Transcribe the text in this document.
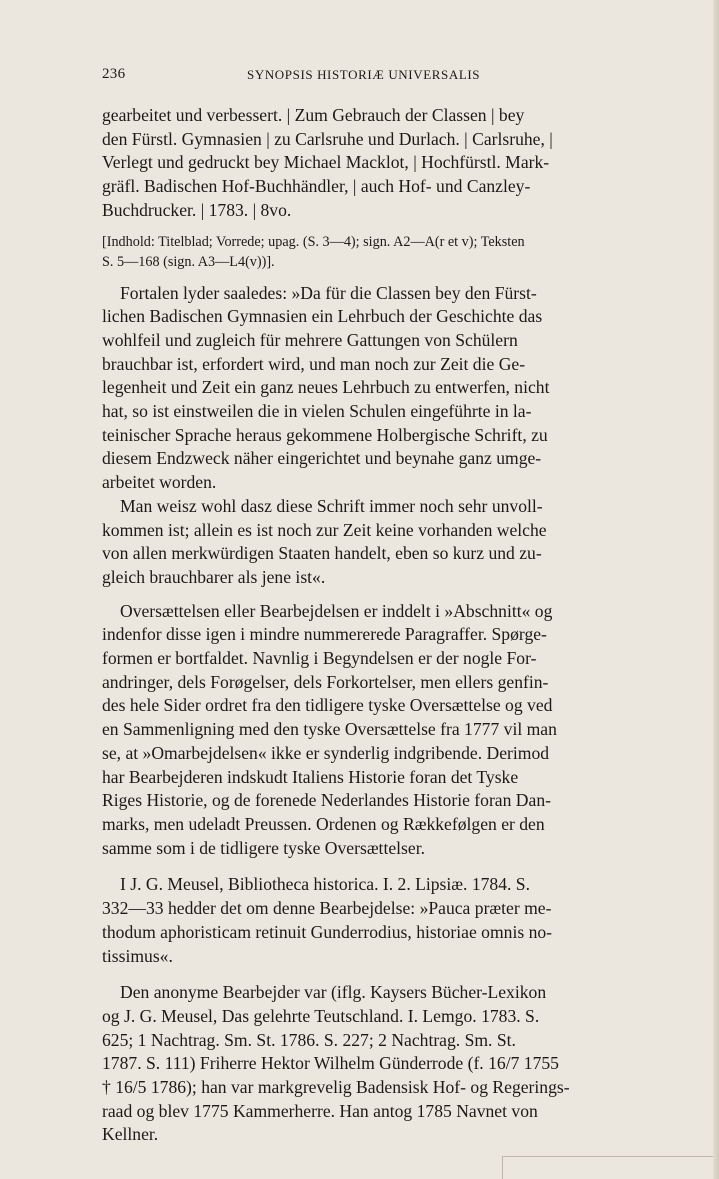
236	SYNOPSIS HISTORIÆ UNIVERSALIS
gearbeitet und verbessert. | Zum Gebrauch der Classen | bey
den Fürstl. Gymnasien | zu Carlsruhe und Durlach. | Carlsruhe, |
Verlegt und gedruckt bey Michael Macklot, | Hochfürstl. Mark-
gräfl. Badischen Hof-Buchhändler, | auch Hof- und Canzley-
Buchdrucker. | 1783. | 8vo.
[Indhold: Titelblad; Vorrede; upag. (S. 3—4); sign. A2—A(r et v); Teksten
S. 5—168 (sign. A3—L4(v))].
Fortalen lyder saaledes: »Da für die Classen bey den Fürst-
lichen Badischen Gymnasien ein Lehrbuch der Geschichte das
wohlfeil und zugleich für mehrere Gattungen von Schülern
brauchbar ist, erfordert wird, und man noch zur Zeit die Ge-
legenheit und Zeit ein ganz neues Lehrbuch zu entwerfen, nicht
hat, so ist einstweilen die in vielen Schulen eingeführte in la-
teinischer Sprache heraus gekommene Holbergische Schrift, zu
diesem Endzweck näher eingerichtet und beynahe ganz umge-
arbeitet worden.
Man weisz wohl dasz diese Schrift immer noch sehr unvoll-
kommen ist; allein es ist noch zur Zeit keine vorhanden welche
von allen merkwürdigen Staaten handelt, eben so kurz und zu-
gleich brauchbarer als jene ist«.
Oversættelsen eller Bearbejdelsen er inddelt i »Abschnitt« og
indenfor disse igen i mindre nummererede Paragraffer. Spørge-
formen er bortfaldet. Navnlig i Begyndelsen er der nogle For-
andringer, dels Forøgelser, dels Forkortelser, men ellers genfin-
des hele Sider ordret fra den tidligere tyske Oversættelse og ved
en Sammenligning med den tyske Oversættelse fra 1777 vil man
se, at »Omarbejdelsen« ikke er synderlig indgribende. Derimod
har Bearbejderen indskudt Italiens Historie foran det Tyske
Riges Historie, og de forenede Nederlandes Historie foran Dan-
marks, men udeladt Preussen. Ordenen og Rækkefølgen er den
samme som i de tidligere tyske Oversættelser.
I J. G. Meusel, Bibliotheca historica. I. 2. Lipsiæ. 1784. S.
332—33 hedder det om denne Bearbejdelse: »Pauca præter me-
thodum aphoristicam retinuit Gunderrodius, historiae omnis no-
tissimus«.
Den anonyme Bearbejder var (iflg. Kaysers Bücher-Lexikon
og J. G. Meusel, Das gelehrte Teutschland. I. Lemgo. 1783. S.
625; 1 Nachtrag. Sm. St. 1786. S. 227; 2 Nachtrag. Sm. St.
1787. S. 111) Friherre Hektor Wilhelm Günderrode (f. 16/7 1755
† 16/5 1786); han var markgrevelig Badensisk Hof- og Regerings-
raad og blev 1775 Kammerherre. Han antog 1785 Navnet von
Kellner.
